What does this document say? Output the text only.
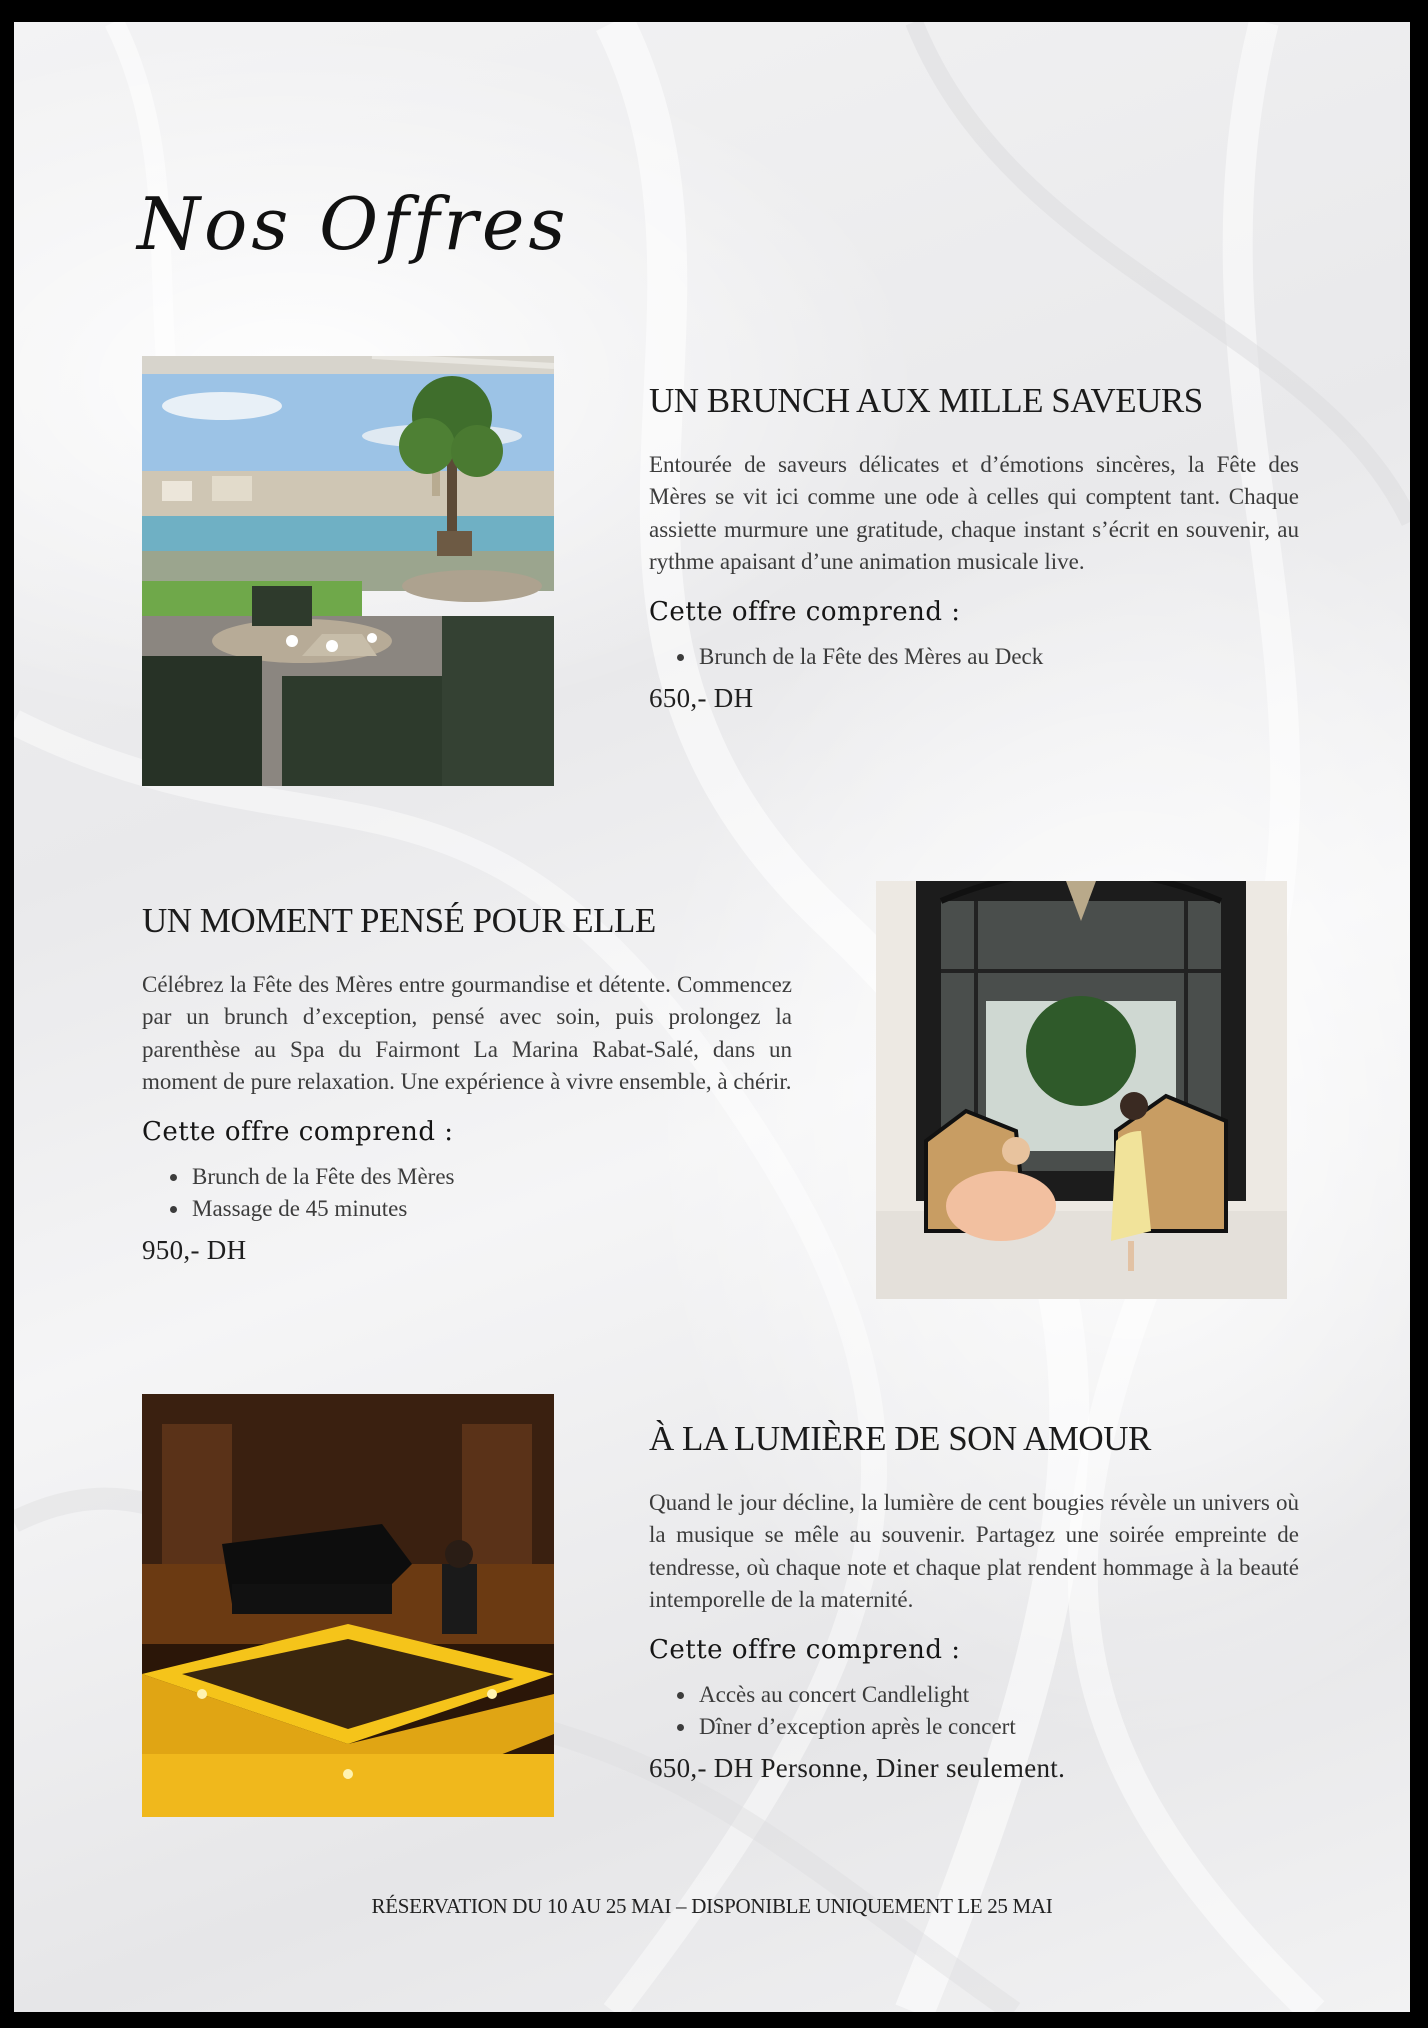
Nos Offres
UN BRUNCH AUX MILLE SAVEURS

Entourée de saveurs délicates et d’émotions sincères, la Fête des Mères se vit ici comme une ode à celles qui comptent tant. Chaque assiette murmure une gratitude, chaque instant s’écrit en souvenir, au rythme apaisant d’une animation musicale live.

Cette offre comprend :
• Brunch de la Fête des Mères au Deck
650,- DH
UN MOMENT PENSÉ POUR ELLE

Célébrez la Fête des Mères entre gourmandise et détente. Commencez par un brunch d’exception, pensé avec soin, puis prolongez la parenthèse au Spa du Fairmont La Marina Rabat-Salé, dans un moment de pure relaxation. Une expérience à vivre ensemble, à chérir.

Cette offre comprend :
• Brunch de la Fête des Mères
• Massage de 45 minutes
950,- DH
À LA LUMIÈRE DE SON AMOUR

Quand le jour décline, la lumière de cent bougies révèle un univers où la musique se mêle au souvenir. Partagez une soirée empreinte de tendresse, où chaque note et chaque plat rendent hommage à la beauté intemporelle de la maternité.

Cette offre comprend :
• Accès au concert Candlelight
• Dîner d’exception après le concert
650,- DH Personne, Diner seulement.
RÉSERVATION DU 10 AU 25 MAI – DISPONIBLE UNIQUEMENT LE 25 MAI
